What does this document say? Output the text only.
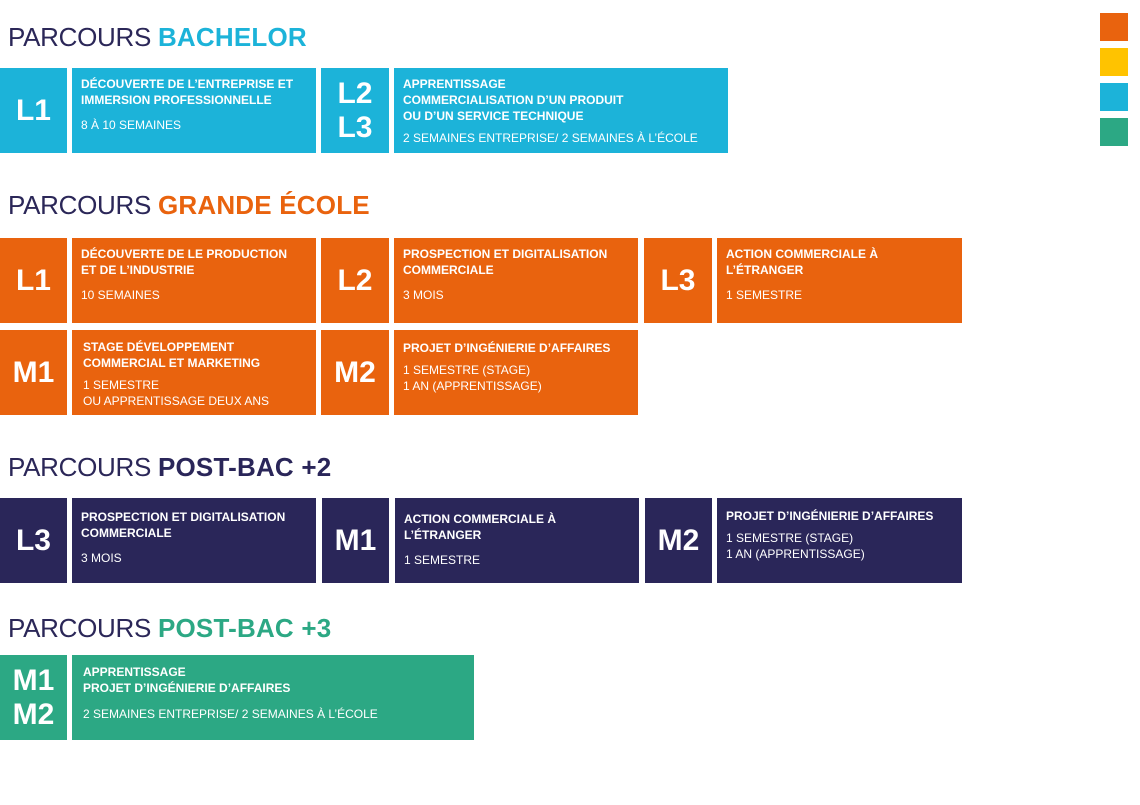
PARCOURS BACHELOR
L1
DÉCOUVERTE DE L’ENTREPRISE ET
IMMERSION PROFESSIONNELLE
8 À 10 SEMAINES
L2
L3
APPRENTISSAGE
COMMERCIALISATION D’UN PRODUIT
OU D’UN SERVICE TECHNIQUE
2 SEMAINES ENTREPRISE/ 2 SEMAINES À L’ÉCOLE
PARCOURS GRANDE ÉCOLE
L1
DÉCOUVERTE DE LE PRODUCTION
ET DE L’INDUSTRIE
10 SEMAINES	L2
PROSPECTION ET DIGITALISATION
COMMERCIALE
3 MOIS	L3
ACTION COMMERCIALE À L’ÉTRANGER
1 SEMESTRE
M1
STAGE DÉVELOPPEMENT
COMMERCIAL ET MARKETING
1 SEMESTRE
OU APPRENTISSAGE DEUX ANS
M2
PROJET D’INGÉNIERIE D’AFFAIRES
1 SEMESTRE (STAGE)
1 AN (APPRENTISSAGE)
PARCOURS POST-BAC +2
L3
PROSPECTION ET DIGITALISATION
COMMERCIALE
3 MOIS
M1
ACTION COMMERCIALE À L’ÉTRANGER
1 SEMESTRE
M2
PROJET D’INGÉNIERIE D’AFFAIRES
1 SEMESTRE (STAGE)
1 AN (APPRENTISSAGE)
PARCOURS POST-BAC +3
M1
M2
APPRENTISSAGE
PROJET D’INGÉNIERIE D’AFFAIRES
2 SEMAINES ENTREPRISE/ 2 SEMAINES À L’ÉCOLE
